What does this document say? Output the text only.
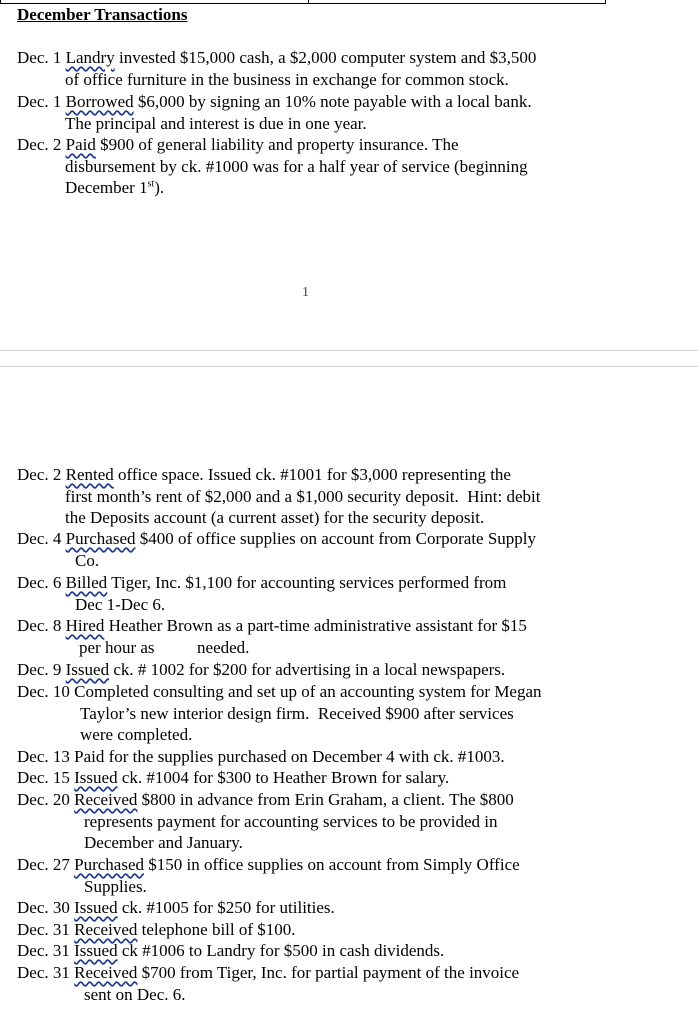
December Transactions
Dec. 1 Landry invested $15,000 cash, a $2,000 computer system and $3,500
of office furniture in the business in exchange for common stock.
Dec. 1 Borrowed $6,000 by signing an 10% note payable with a local bank.
The principal and interest is due in one year.
Dec. 2 Paid $900 of general liability and property insurance. The
disbursement by ck. #1000 was for a half year of service (beginning
December 1st).
1
Dec. 2 Rented office space. Issued ck. #1001 for $3,000 representing the
first month’s rent of $2,000 and a $1,000 security deposit.  Hint: debit
the Deposits account (a current asset) for the security deposit.
Dec. 4 Purchased $400 of office supplies on account from Corporate Supply
Co.
Dec. 6 Billed Tiger, Inc. $1,100 for accounting services performed from
Dec 1-Dec 6.
Dec. 8 Hired Heather Brown as a part-time administrative assistant for $15
per hour as          needed.
Dec. 9 Issued ck. # 1002 for $200 for advertising in a local newspapers.
Dec. 10 Completed consulting and set up of an accounting system for Megan
Taylor’s new interior design firm.  Received $900 after services
were completed.
Dec. 13 Paid for the supplies purchased on December 4 with ck. #1003.
Dec. 15 Issued ck. #1004 for $300 to Heather Brown for salary.
Dec. 20 Received $800 in advance from Erin Graham, a client. The $800
represents payment for accounting services to be provided in
December and January.
Dec. 27 Purchased $150 in office supplies on account from Simply Office
Supplies.
Dec. 30 Issued ck. #1005 for $250 for utilities.
Dec. 31 Received telephone bill of $100.
Dec. 31 Issued ck #1006 to Landry for $500 in cash dividends.
Dec. 31 Received $700 from Tiger, Inc. for partial payment of the invoice
sent on Dec. 6.
